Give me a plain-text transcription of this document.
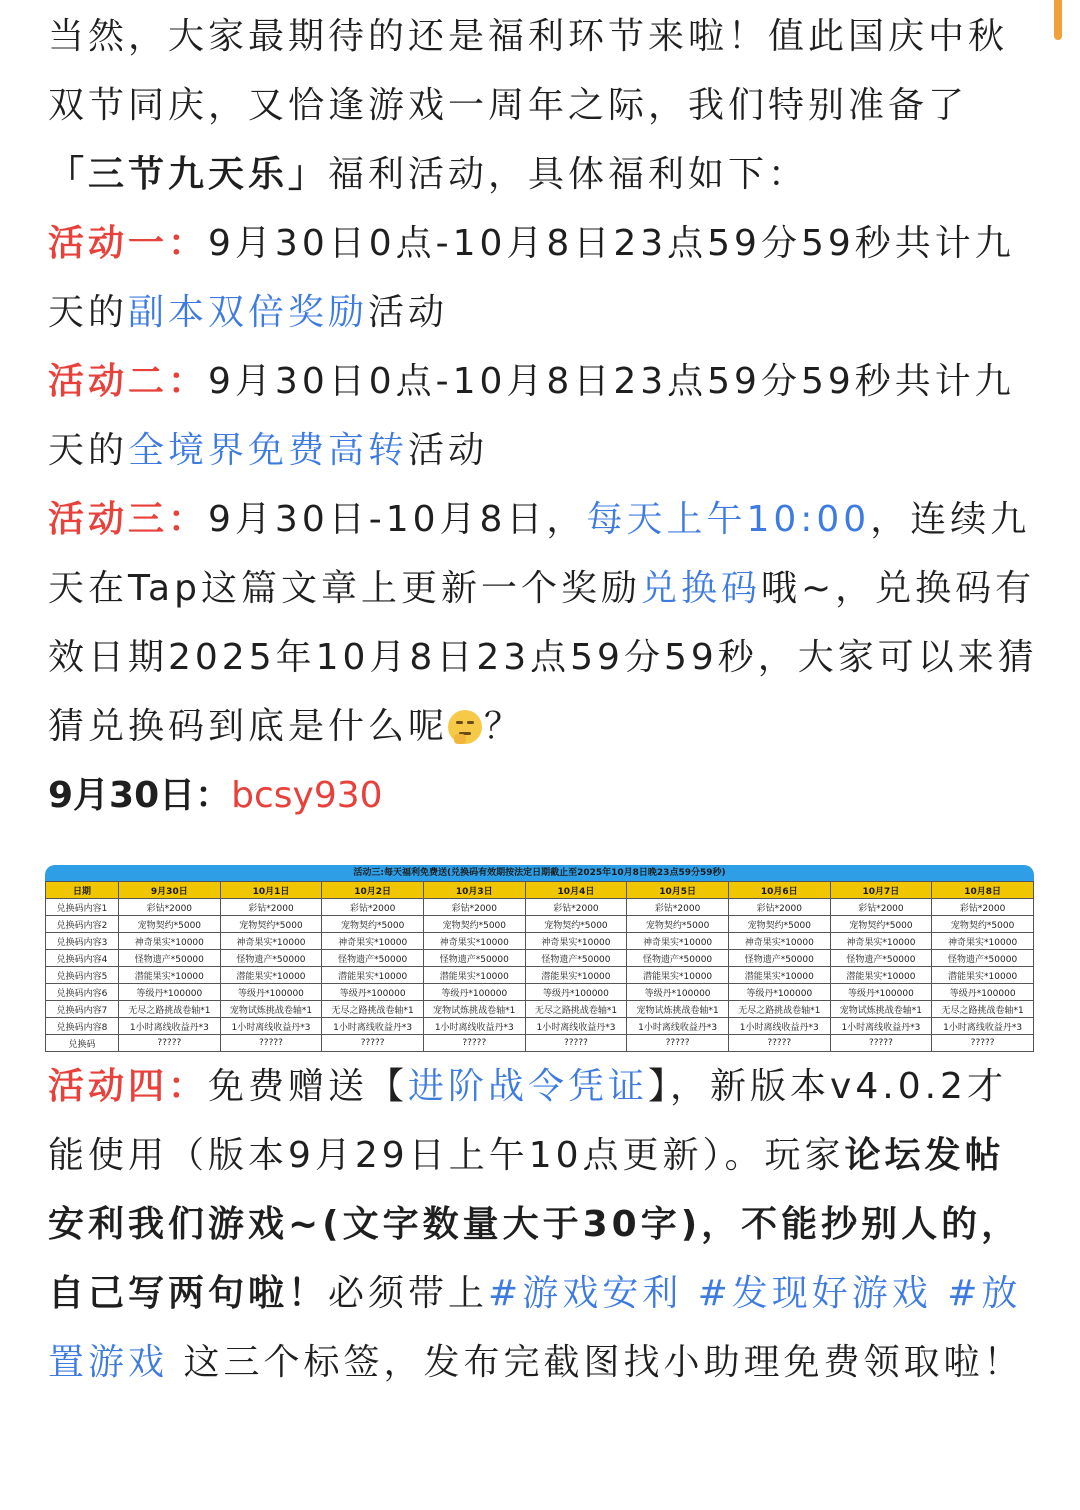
当然，大家最期待的还是福利环节来啦！值此国庆中秋双节同庆，又恰逢游戏一周年之际，我们特别准备了「三节九天乐」福利活动，具体福利如下：

活动一：9月30日0点-10月8日23点59分59秒共计九天的副本双倍奖励活动

活动二：9月30日0点-10月8日23点59分59秒共计九天的全境界免费高转活动

活动三：9月30日-10月8日，每天上午10:00，连续九天在Tap这篇文章上更新一个奖励兑换码哦~，兑换码有效日期2025年10月8日23点59分59秒，大家可以来猜猜兑换码到底是什么呢 ？

9月30日：bcsy930

活动三:每天福利免费送(兑换码有效期按法定日期截止至2025年10月8日晚23点59分59秒)
日期	9月30日	10月1日	10月2日	10月3日	10月4日	10月5日	10月6日	10月7日	10月8日
兑换码内容1	彩钻*2000	彩钻*2000	彩钻*2000	彩钻*2000	彩钻*2000	彩钻*2000	彩钻*2000	彩钻*2000	彩钻*2000
兑换码内容2	宠物契约*5000	宠物契约*5000	宠物契约*5000	宠物契约*5000	宠物契约*5000	宠物契约*5000	宠物契约*5000	宠物契约*5000	宠物契约*5000
兑换码内容3	神奇果实*10000	神奇果实*10000	神奇果实*10000	神奇果实*10000	神奇果实*10000	神奇果实*10000	神奇果实*10000	神奇果实*10000	神奇果实*10000
兑换码内容4	怪物遗产*50000	怪物遗产*50000	怪物遗产*50000	怪物遗产*50000	怪物遗产*50000	怪物遗产*50000	怪物遗产*50000	怪物遗产*50000	怪物遗产*50000
兑换码内容5	潜能果实*10000	潜能果实*10000	潜能果实*10000	潜能果实*10000	潜能果实*10000	潜能果实*10000	潜能果实*10000	潜能果实*10000	潜能果实*10000
兑换码内容6	等级丹*100000	等级丹*100000	等级丹*100000	等级丹*100000	等级丹*100000	等级丹*100000	等级丹*100000	等级丹*100000	等级丹*100000
兑换码内容7	无尽之路挑战卷轴*1	宠物试炼挑战卷轴*1	无尽之路挑战卷轴*1	宠物试炼挑战卷轴*1	无尽之路挑战卷轴*1	宠物试炼挑战卷轴*1	无尽之路挑战卷轴*1	宠物试炼挑战卷轴*1	无尽之路挑战卷轴*1
兑换码内容8	1小时离线收益丹*3	1小时离线收益丹*3	1小时离线收益丹*3	1小时离线收益丹*3	1小时离线收益丹*3	1小时离线收益丹*3	1小时离线收益丹*3	1小时离线收益丹*3	1小时离线收益丹*3
兑换码	?????	?????	?????	?????	?????	?????	?????	?????	?????

活动四：免费赠送【进阶战令凭证】，新版本v4.0.2才能使用（版本9月29日上午10点更新）。玩家论坛发帖安利我们游戏~(文字数量大于30字)，不能抄别人的，自己写两句啦！必须带上#游戏安利 #发现好游戏 #放置游戏 这三个标签，发布完截图找小助理免费领取啦！
